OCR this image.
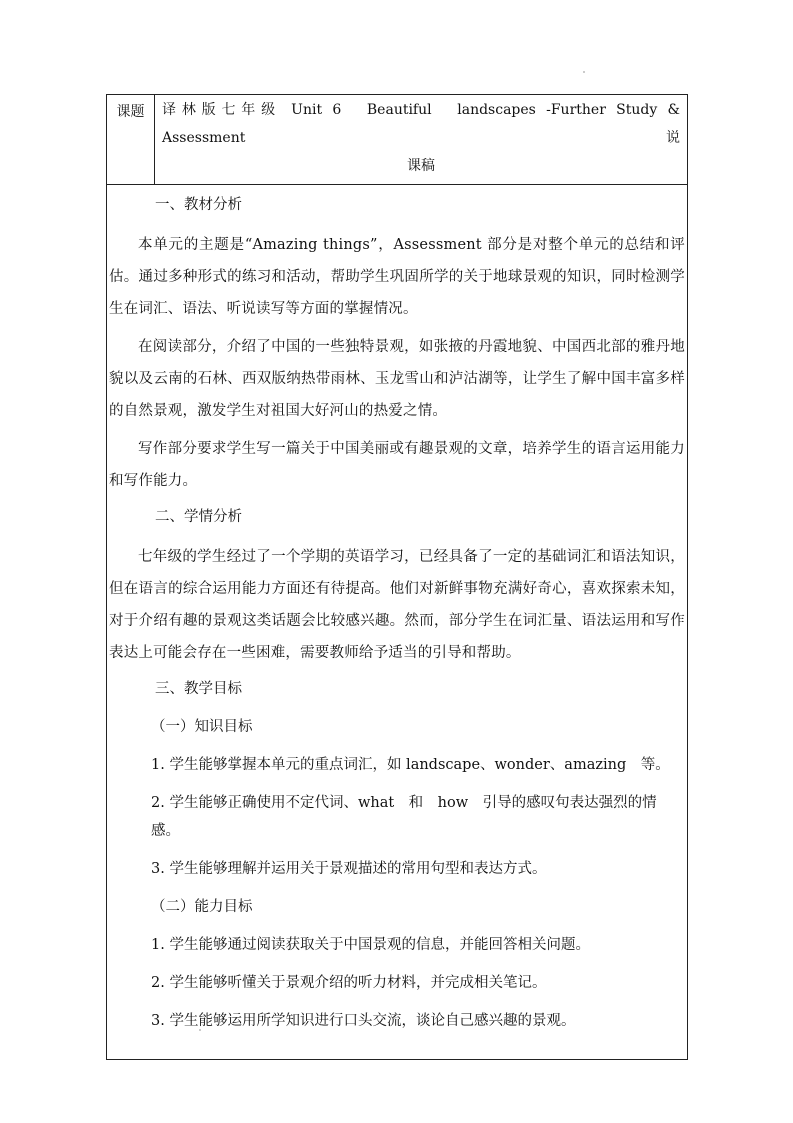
课题	译林版七年级 Unit 6　Beautiful　landscapes -Further Study & Assessment　说
课稿

一、教材分析

本单元的主题是“Amazing things”，Assessment 部分是对整个单元的总结和评估。通过多种形式的练习和活动，帮助学生巩固所学的关于地球景观的知识，同时检测学生在词汇、语法、听说读写等方面的掌握情况。

在阅读部分，介绍了中国的一些独特景观，如张掖的丹霞地貌、中国西北部的雅丹地貌以及云南的石林、西双版纳热带雨林、玉龙雪山和泸沽湖等，让学生了解中国丰富多样的自然景观，激发学生对祖国大好河山的热爱之情。

写作部分要求学生写一篇关于中国美丽或有趣景观的文章，培养学生的语言运用能力和写作能力。

二、学情分析

七年级的学生经过了一个学期的英语学习，已经具备了一定的基础词汇和语法知识，但在语言的综合运用能力方面还有待提高。他们对新鲜事物充满好奇心，喜欢探索未知，对于介绍有趣的景观这类话题会比较感兴趣。然而，部分学生在词汇量、语法运用和写作表达上可能会存在一些困难，需要教师给予适当的引导和帮助。

三、教学目标
（一）知识目标
1. 学生能够掌握本单元的重点词汇，如 landscape、wonder、amazing　等。
2. 学生能够正确使用不定代词、what　和　how　引导的感叹句表达强烈的情感。
3. 学生能够理解并运用关于景观描述的常用句型和表达方式。
（二）能力目标
1. 学生能够通过阅读获取关于中国景观的信息，并能回答相关问题。
2. 学生能够听懂关于景观介绍的听力材料，并完成相关笔记。
3. 学生能够运用所学知识进行口头交流，谈论自己感兴趣的景观。
